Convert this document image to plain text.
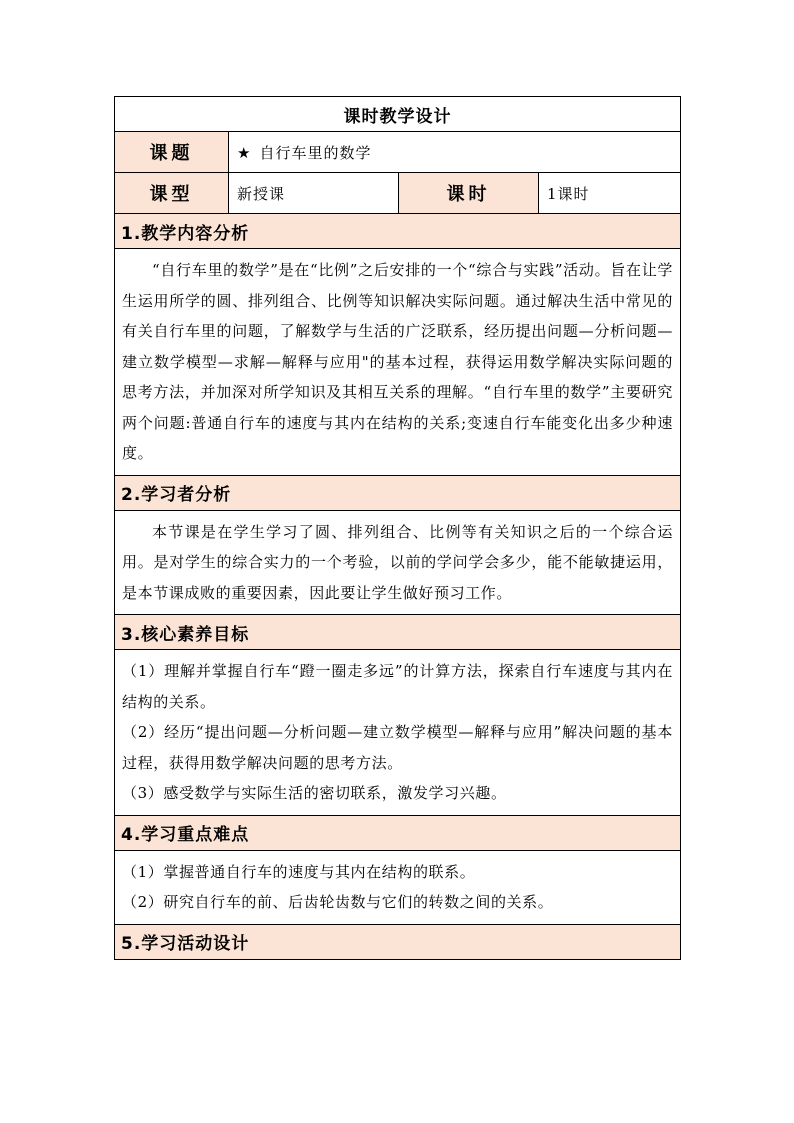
课时教学设计			
课题	★ 自行车里的数学		
课型	新授课	课时	1课时
1.教学内容分析			

“自行车里的数学”是在“比例”之后安排的一个“综合与实践”活动。旨在让学生运用所学的圆、排列组合、比例等知识解决实际问题。通过解决生活中常见的有关自行车里的问题，了解数学与生活的广泛联系，经历提出问题—分析问题—建立数学模型—求解—解释与应用"的基本过程，获得运用数学解决实际问题的思考方法，并加深对所学知识及其相互关系的理解。“自行车里的数学”主要研究两个问题:普通自行车的速度与其内在结构的关系;变速自行车能变化出多少种速度。			

2.学习者分析			

本节课是在学生学习了圆、排列组合、比例等有关知识之后的一个综合运用。是对学生的综合实力的一个考验，以前的学问学会多少，能不能敏捷运用，是本节课成败的重要因素，因此要让学生做好预习工作。			

3.核心素养目标			

（1）理解并掌握自行车“蹬一圈走多远”的计算方法，探索自行车速度与其内在结构的关系。

（2）经历“提出问题—分析问题—建立数学模型—解释与应用”解决问题的基本过程，获得用数学解决问题的思考方法。

（3）感受数学与实际生活的密切联系，激发学习兴趣。			

4.学习重点难点			

（1）掌握普通自行车的速度与其内在结构的联系。

（2）研究自行车的前、后齿轮齿数与它们的转数之间的关系。			

5.学习活动设计			
